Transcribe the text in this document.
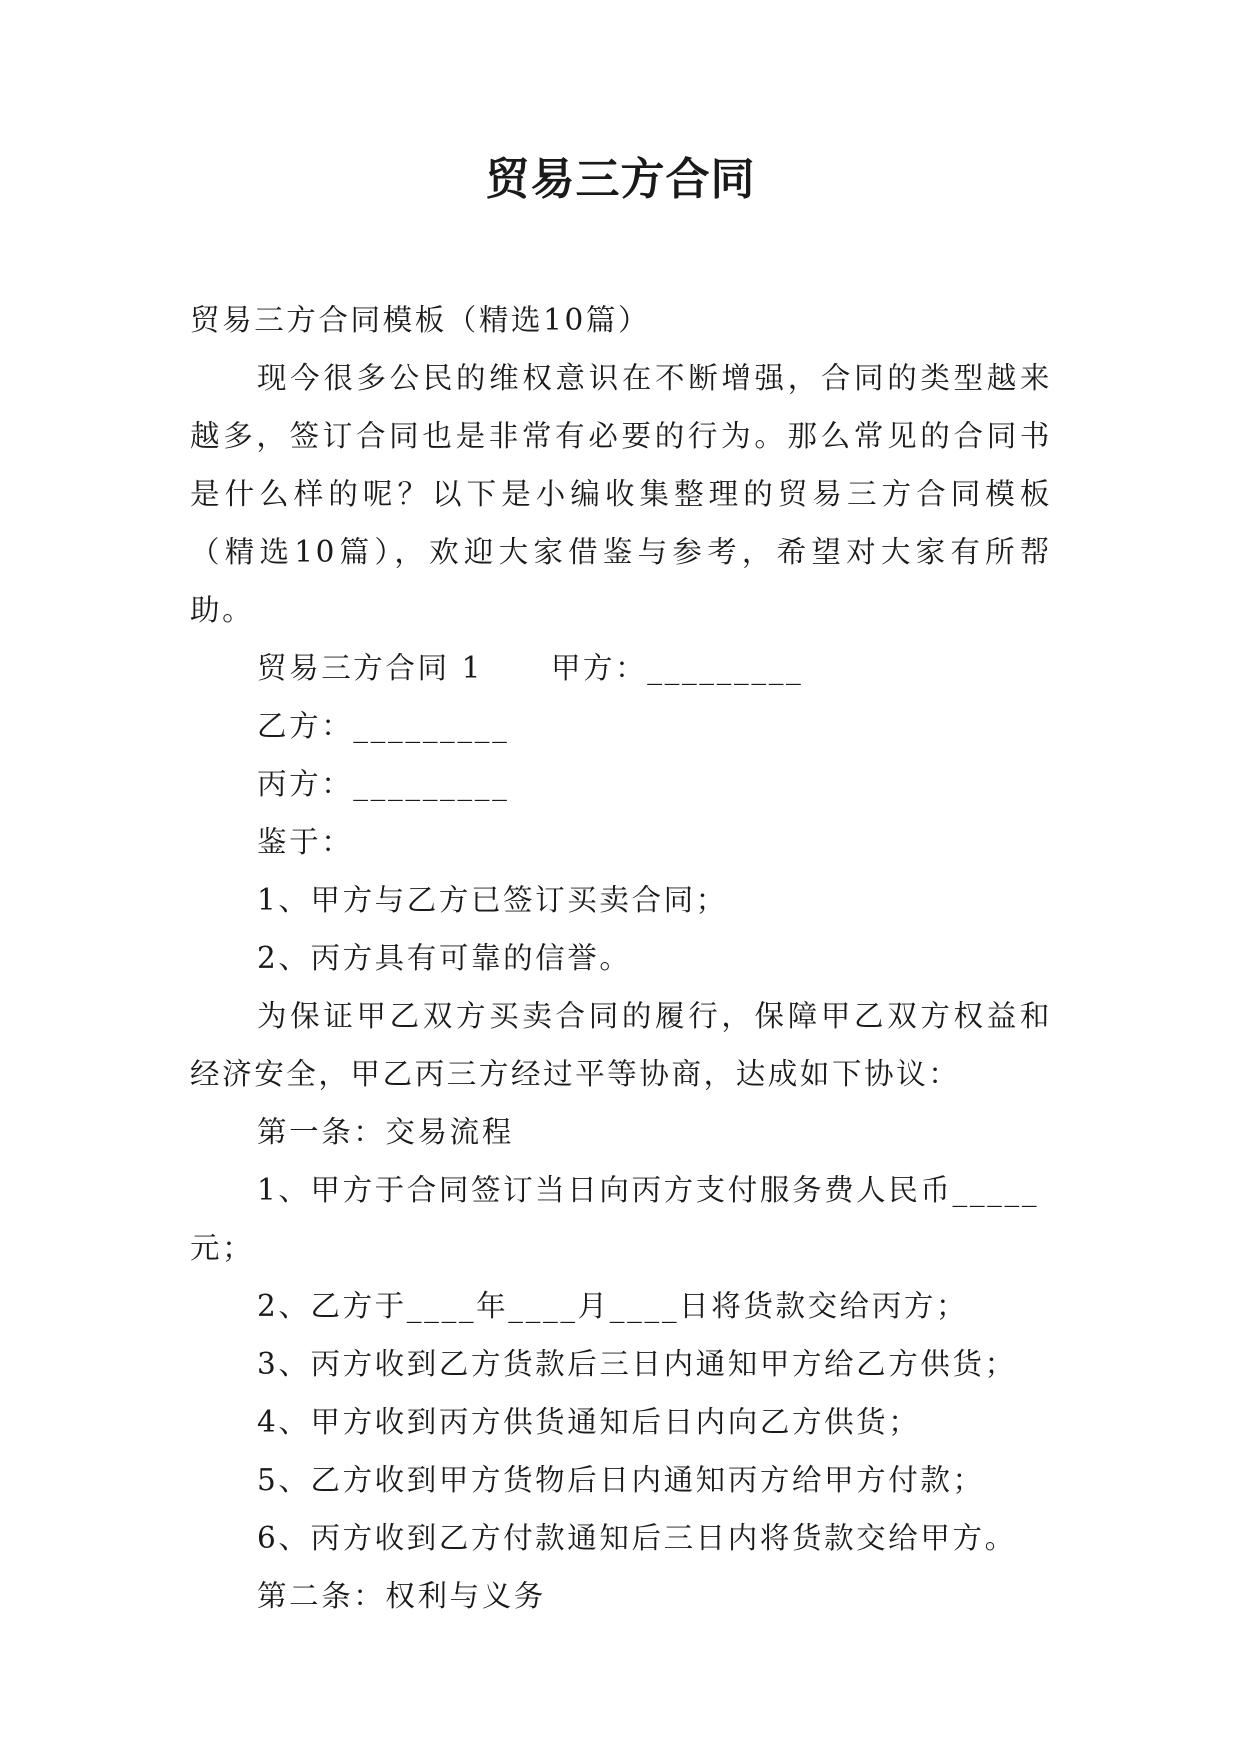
贸易三方合同

贸易三方合同模板（精选10篇）

现今很多公民的维权意识在不断增强，合同的类型越来越多，签订合同也是非常有必要的行为。那么常见的合同书是什么样的呢？以下是小编收集整理的贸易三方合同模板（精选10篇），欢迎大家借鉴与参考，希望对大家有所帮助。

贸易三方合同 1 甲方：_________

乙方：_________

丙方：_________

鉴于：

1、甲方与乙方已签订买卖合同；

2、丙方具有可靠的信誉。

为保证甲乙双方买卖合同的履行，保障甲乙双方权益和经济安全，甲乙丙三方经过平等协商，达成如下协议：

第一条：交易流程

1、甲方于合同签订当日向丙方支付服务费人民币_____元；

2、乙方于____年____月____日将货款交给丙方；

3、丙方收到乙方货款后三日内通知甲方给乙方供货；

4、甲方收到丙方供货通知后日内向乙方供货；

5、乙方收到甲方货物后日内通知丙方给甲方付款；

6、丙方收到乙方付款通知后三日内将货款交给甲方。

第二条：权利与义务
